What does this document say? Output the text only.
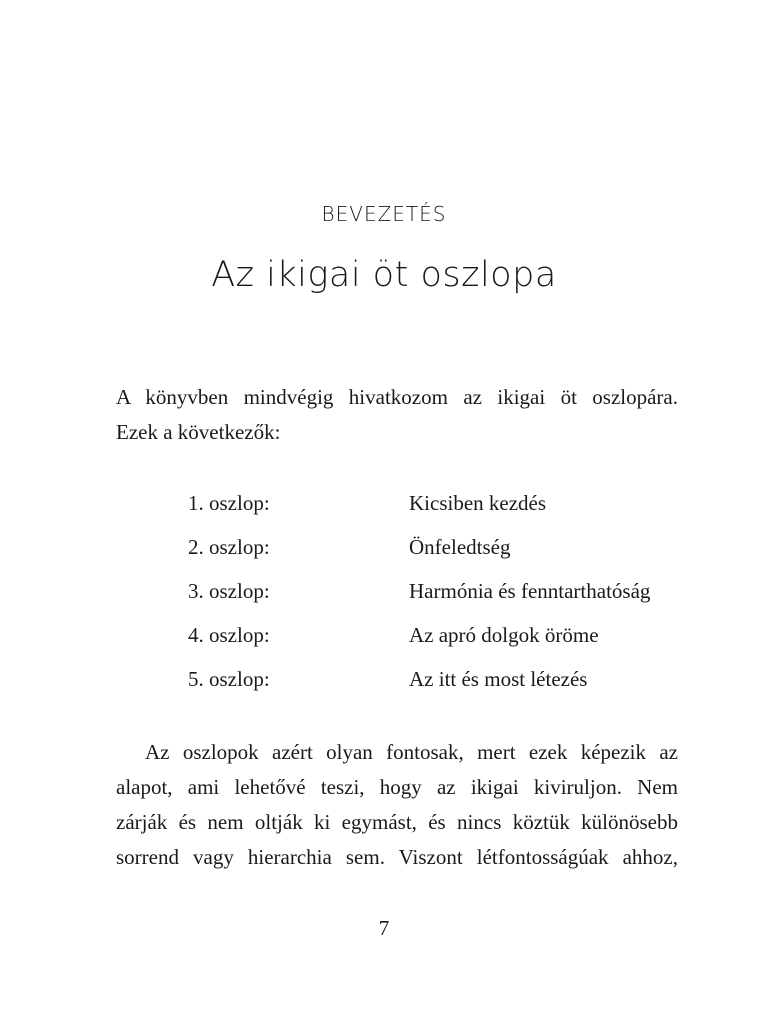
BEVEZETÉS
Az ikigai öt oszlopa
A könyvben mindvégig hivatkozom az ikigai öt oszlopára.
Ezek a következők:
1. oszlop:	Kicsiben kezdés
2. oszlop:	Önfeledtség
3. oszlop:	Harmónia és fenntarthatóság
4. oszlop:	Az apró dolgok öröme
5. oszlop:	Az itt és most létezés
Az oszlopok azért olyan fontosak, mert ezek képezik az
alapot, ami lehetővé teszi, hogy az ikigai kiviruljon. Nem
zárják és nem oltják ki egymást, és nincs köztük különösebb
sorrend vagy hierarchia sem. Viszont létfontosságúak ahhoz,
7
